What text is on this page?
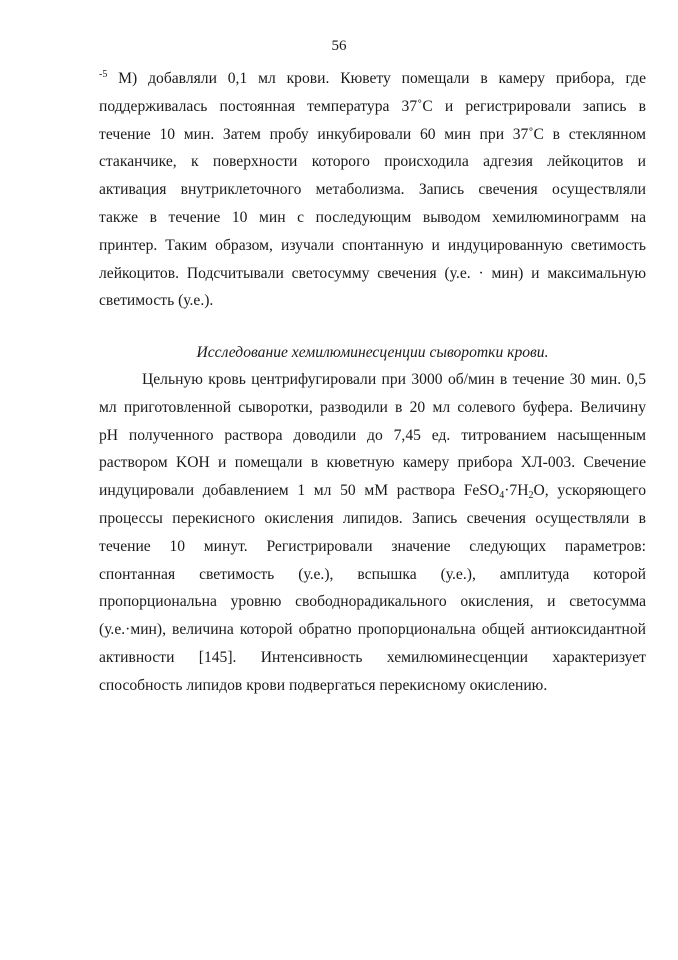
56
$^{-5}$ М) добавляли 0,1 мл крови. Кювету помещали в камеру прибора, где
поддерживалась постоянная температура 37˚С и регистрировали запись в
течение 10 мин. Затем пробу инкубировали 60 мин при 37˚С в стеклянном
стаканчике, к поверхности которого происходила адгезия лейкоцитов и
активация внутриклеточного метаболизма. Запись свечения осуществляли
также в течение 10 мин с последующим выводом хемилюминограмм на
принтер. Таким образом, изучали спонтанную и индуцированную светимость
лейкоцитов. Подсчитывали светосумму свечения (у.е. · мин) и максимальную
светимость (у.е.).
Исследование хемилюминесценции сыворотки крови.
Цельную кровь центрифугировали при 3000 об/мин в течение 30 мин. 0,5
мл приготовленной сыворотки, разводили в 20 мл солевого буфера. Величину
pH полученного раствора доводили до 7,45 ед. титрованием насыщенным
раствором KOH и помещали в кюветную камеру прибора ХЛ-003. Свечение
индуцировали добавлением 1 мл 50 мМ раствора $FeSO_4\cdot 7H_2O$, ускоряющего
процессы перекисного окисления липидов. Запись свечения осуществляли в
течение 10 минут. Регистрировали значение следующих параметров:
спонтанная светимость (у.е.), вспышка (у.е.), амплитуда которой
пропорциональна уровню свободнорадикального окисления, и светосумма
(у.е.·мин), величина которой обратно пропорциональна общей антиоксидантной
активности [145]. Интенсивность хемилюминесценции характеризует
способность липидов крови подвергаться перекисному окислению.
